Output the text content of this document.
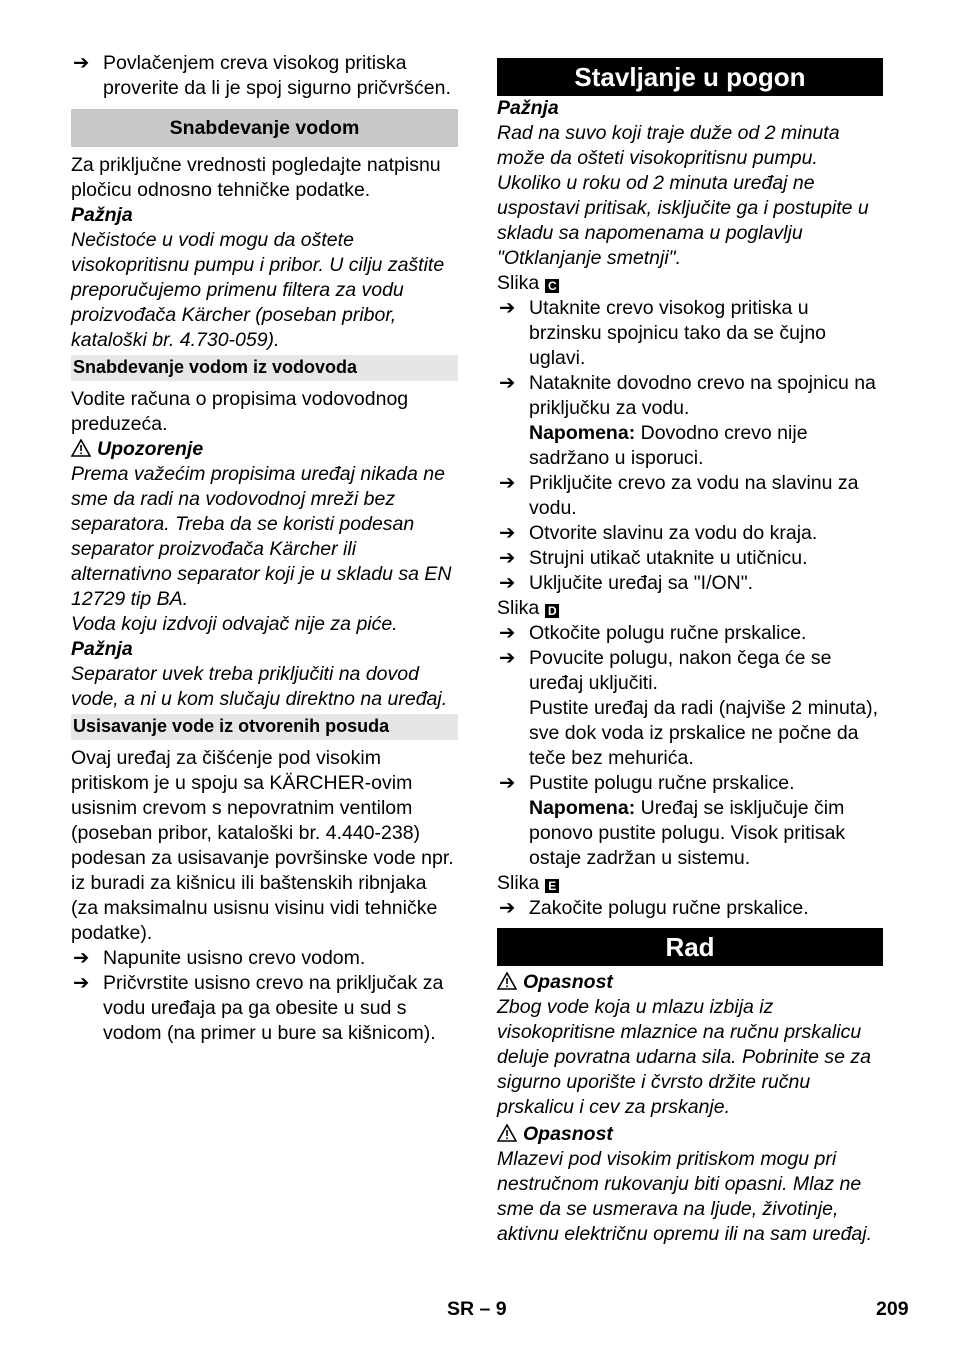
➔ Povlačenjem creva visokog pritiska proverite da li je spoj sigurno pričvršćen.

Snabdevanje vodom

Za priključne vrednosti pogledajte natpisnu pločicu odnosno tehničke podatke.

Pažnja

Nečistoće u vodi mogu da oštete visokopritisnu pumpu i pribor. U cilju zaštite preporučujemo primenu filtera za vodu proizvođača Kärcher (poseban pribor, kataloški br. 4.730-059).

Snabdevanje vodom iz vodovoda

Vodite računa o propisima vodovodnog preduzeća.

Upozorenje

Prema važećim propisima uređaj nikada ne sme da radi na vodovodnoj mreži bez separatora. Treba da se koristi podesan separator proizvođača Kärcher ili alternativno separator koji je u skladu sa EN 12729 tip BA.

Voda koju izdvoji odvajač nije za piće.

Pažnja

Separator uvek treba priključiti na dovod vode, a ni u kom slučaju direktno na uređaj.

Usisavanje vode iz otvorenih posuda

Ovaj uređaj za čišćenje pod visokim pritiskom je u spoju sa KÄRCHER-ovim usisnim crevom s nepovratnim ventilom (poseban pribor, kataloški br. 4.440-238) podesan za usisavanje površinske vode npr. iz buradi za kišnicu ili baštenskih ribnjaka (za maksimalnu usisnu visinu vidi tehničke podatke).

➔ Napunite usisno crevo vodom.

➔ Pričvrstite usisno crevo na priključak za vodu uređaja pa ga obesite u sud s vodom (na primer u bure sa kišnicom).

Stavljanje u pogon

Pažnja

Rad na suvo koji traje duže od 2 minuta može da ošteti visokopritisnu pumpu. Ukoliko u roku od 2 minuta uređaj ne uspostavi pritisak, isključite ga i postupite u skladu sa napomenama u poglavlju "Otklanjanje smetnji".

Slika C

➔ Utaknite crevo visokog pritiska u brzinsku spojnicu tako da se čujno uglavi.

➔ Nataknite dovodno crevo na spojnicu na priključku za vodu.

Napomena: Dovodno crevo nije sadržano u isporuci.

➔ Priključite crevo za vodu na slavinu za vodu.

➔ Otvorite slavinu za vodu do kraja.

➔ Strujni utikač utaknite u utičnicu.

➔ Uključite uređaj sa "I/ON".

Slika D

➔ Otkočite polugu ručne prskalice.

➔ Povucite polugu, nakon čega će se uređaj uključiti.

Pustite uređaj da radi (najviše 2 minuta), sve dok voda iz prskalice ne počne da teče bez mehurića.

➔ Pustite polugu ručne prskalice.

Napomena: Uređaj se isključuje čim ponovo pustite polugu. Visok pritisak ostaje zadržan u sistemu.

Slika E

➔ Zakočite polugu ručne prskalice.

Rad

Opasnost

Zbog vode koja u mlazu izbija iz visokopritisne mlaznice na ručnu prskalicu deluje povratna udarna sila. Pobrinite se za sigurno uporište i čvrsto držite ručnu prskalicu i cev za prskanje.

Opasnost

Mlazevi pod visokim pritiskom mogu pri nestručnom rukovanju biti opasni. Mlaz ne sme da se usmerava na ljude, životinje, aktivnu električnu opremu ili na sam uređaj.

SR – 9	209
